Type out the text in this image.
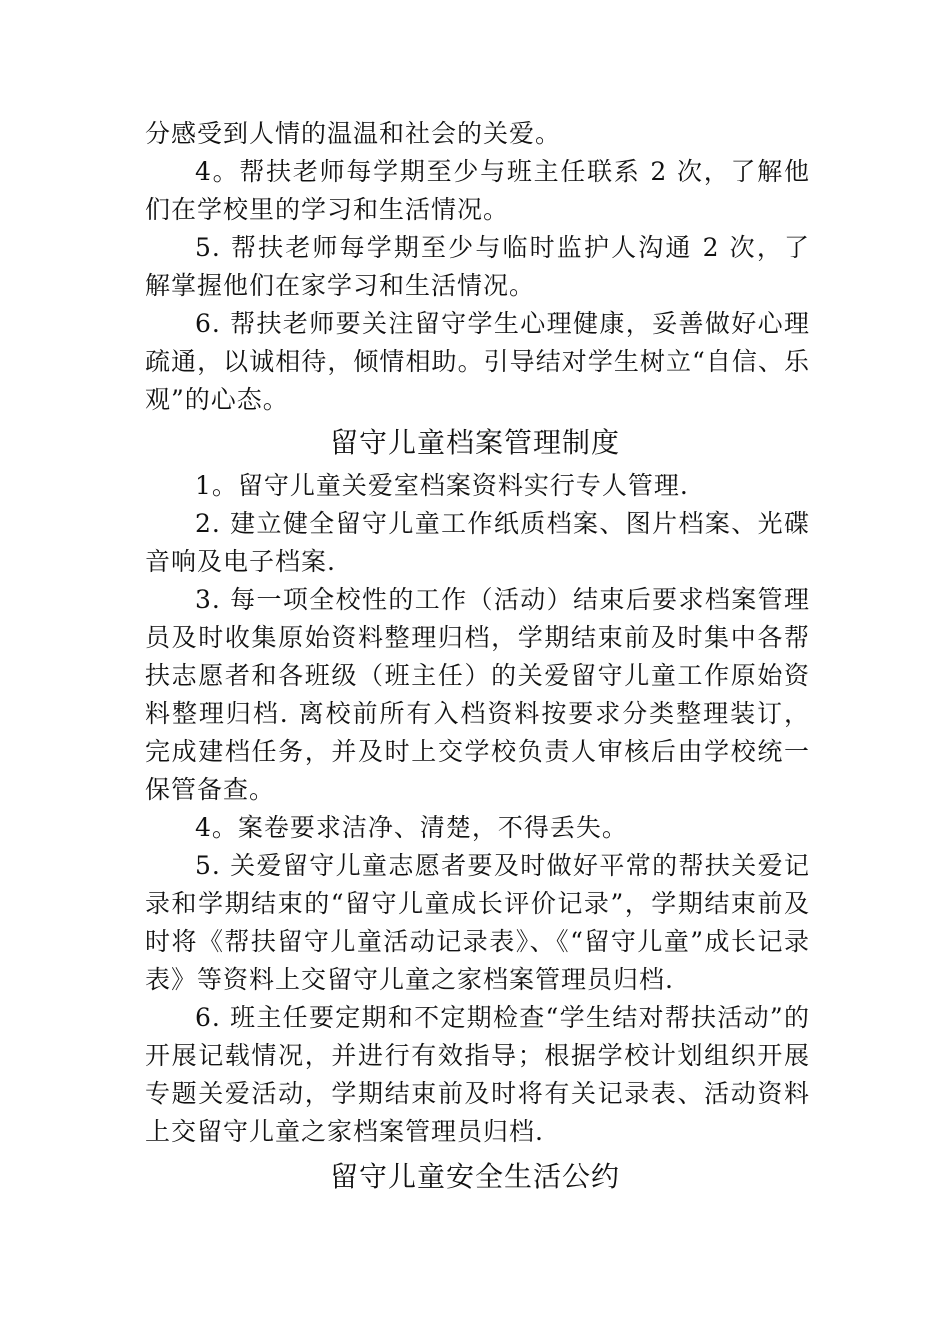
分感受到人情的温温和社会的关爱。

4。帮扶老师每学期至少与班主任联系 2 次，了解他们在学校里的学习和生活情况。

5. 帮扶老师每学期至少与临时监护人沟通 2 次，了解掌握他们在家学习和生活情况。

6. 帮扶老师要关注留守学生心理健康，妥善做好心理疏通，以诚相待，倾情相助。引导结对学生树立“自信、乐观”的心态。

留守儿童档案管理制度

1。留守儿童关爱室档案资料实行专人管理.

2. 建立健全留守儿童工作纸质档案、图片档案、光碟音响及电子档案.

3. 每一项全校性的工作（活动）结束后要求档案管理员及时收集原始资料整理归档，学期结束前及时集中各帮扶志愿者和各班级（班主任）的关爱留守儿童工作原始资料整理归档. 离校前所有入档资料按要求分类整理装订，完成建档任务，并及时上交学校负责人审核后由学校统一保管备查。

4。案卷要求洁净、清楚，不得丢失。

5. 关爱留守儿童志愿者要及时做好平常的帮扶关爱记录和学期结束的“留守儿童成长评价记录”，学期结束前及时将《帮扶留守儿童活动记录表》、《“留守儿童”成长记录表》等资料上交留守儿童之家档案管理员归档.

6. 班主任要定期和不定期检查“学生结对帮扶活动”的开展记载情况，并进行有效指导；根据学校计划组织开展专题关爱活动，学期结束前及时将有关记录表、活动资料上交留守儿童之家档案管理员归档.

留守儿童安全生活公约
